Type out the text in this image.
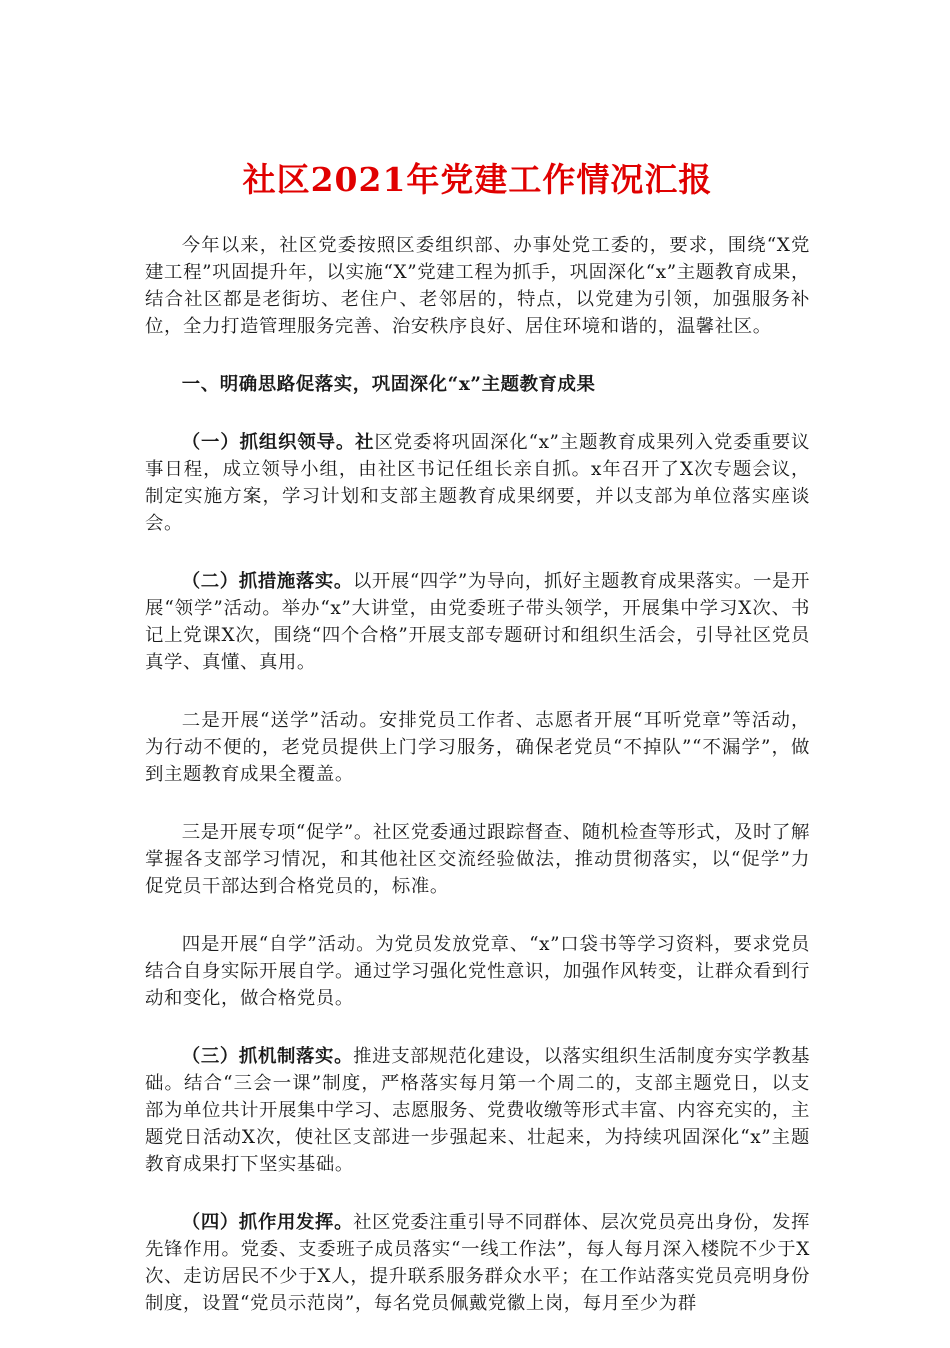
社区2021年党建工作情况汇报

今年以来，社区党委按照区委组织部、办事处党工委的，要求，围绕“X党建工程”巩固提升年，以实施“X”党建工程为抓手，巩固深化“x”主题教育成果，结合社区都是老街坊、老住户、老邻居的，特点，以党建为引领，加强服务补位，全力打造管理服务完善、治安秩序良好、居住环境和谐的，温馨社区。

一、明确思路促落实，巩固深化“x”主题教育成果

（一）抓组织领导。社区党委将巩固深化“x”主题教育成果列入党委重要议事日程，成立领导小组，由社区书记任组长亲自抓。x年召开了X次专题会议，制定实施方案，学习计划和支部主题教育成果纲要，并以支部为单位落实座谈会。

（二）抓措施落实。以开展“四学”为导向，抓好主题教育成果落实。一是开展“领学”活动。举办“x”大讲堂，由党委班子带头领学，开展集中学习X次、书记上党课X次，围绕“四个合格”开展支部专题研讨和组织生活会，引导社区党员真学、真懂、真用。

二是开展“送学”活动。安排党员工作者、志愿者开展“耳听党章”等活动，为行动不便的，老党员提供上门学习服务，确保老党员“不掉队”“不漏学”，做到主题教育成果全覆盖。

三是开展专项“促学”。社区党委通过跟踪督查、随机检查等形式，及时了解掌握各支部学习情况，和其他社区交流经验做法，推动贯彻落实，以“促学”力促党员干部达到合格党员的，标准。

四是开展“自学”活动。为党员发放党章、“x”口袋书等学习资料，要求党员结合自身实际开展自学。通过学习强化党性意识，加强作风转变，让群众看到行动和变化，做合格党员。

（三）抓机制落实。推进支部规范化建设，以落实组织生活制度夯实学教基础。结合“三会一课”制度，严格落实每月第一个周二的，支部主题党日，以支部为单位共计开展集中学习、志愿服务、党费收缴等形式丰富、内容充实的，主题党日活动X次，使社区支部进一步强起来、壮起来，为持续巩固深化“x”主题教育成果打下坚实基础。

（四）抓作用发挥。社区党委注重引导不同群体、层次党员亮出身份，发挥先锋作用。党委、支委班子成员落实“一线工作法”，每人每月深入楼院不少于X次、走访居民不少于X人，提升联系服务群众水平；在工作站落实党员亮明身份制度，设置“党员示范岗”，每名党员佩戴党徽上岗，每月至少为群
